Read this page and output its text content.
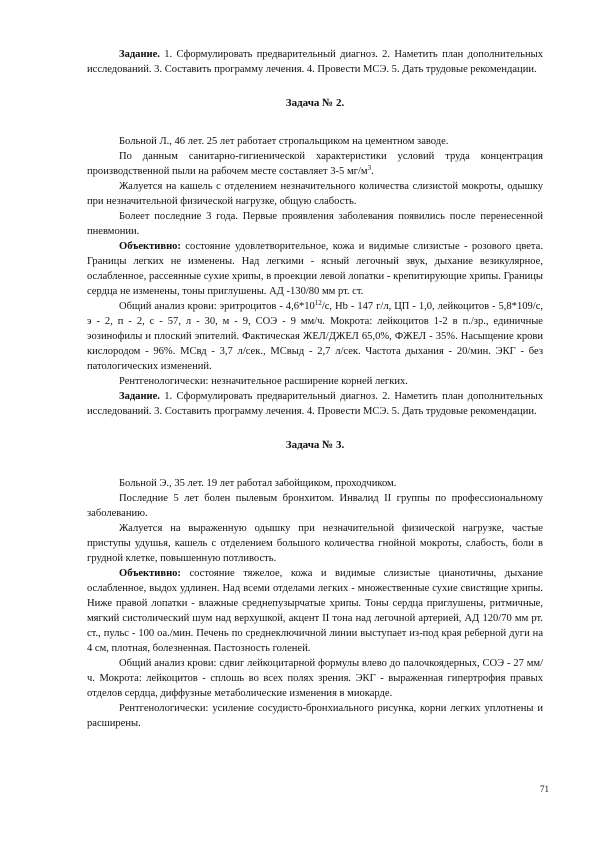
Задание. 1. Сформулировать предварительный диагноз. 2. Наметить план дополнительных исследований. 3. Составить программу лечения. 4. Провести МСЭ. 5. Дать трудовые рекомендации.

Задача № 2.

Больной Л., 46 лет. 25 лет работает стропальщиком на цементном заводе.

По данным санитарно-гигиенической характеристики условий труда концентрация производственной пыли на рабочем месте составляет 3-5 $мг/м^3$.

Жалуется на кашель с отделением незначительного количества слизистой мокроты, одышку при незначительной физической нагрузке, общую слабость.

Болеет последние 3 года. Первые проявления заболевания появились после перенесенной пневмонии.

Объективно: состояние удовлетворительное, кожа и видимые слизистые - розового цвета. Границы легких не изменены. Над легкими - ясный легочный звук, дыхание везикулярное, ослабленное, рассеянные сухие хрипы, в проекции левой лопатки - крепитирующие хрипы. Границы сердца не изменены, тоны приглушены. АД -130/80 мм рт. ст.

Общий анализ крови: эритроцитов - $4,6*10^{12}/с$, Hb - 147 г/л, ЦП - 1,0, лейкоцитов - 5,8*109/с, э - 2, п - 2, с - 57, л - 30, м - 9, СОЭ - 9 мм/ч. Мокрота: лейкоцитов 1-2 в п./зр., единичные эозинофилы и плоский эпителий. Фактическая ЖЕЛ/ДЖЕЛ 65,0%, ФЖЕЛ - 35%. Насыщение крови кислородом - 96%. МСвд - 3,7 л/сек., МСвыд - 2,7 л/сек. Частота дыхания - 20/мин. ЭКГ - без патологических изменений.

Рентгенологически: незначительное расширение корней легких.

Задание. 1. Сформулировать предварительный диагноз. 2. Наметить план дополнительных исследований. 3. Составить программу лечения. 4. Провести МСЭ. 5. Дать трудовые рекомендации.

Задача № 3.

Больной Э., 35 лет. 19 лет работал забойщиком, проходчиком.

Последние 5 лет болен пылевым бронхитом. Инвалид II группы по профессиональному заболеванию.

Жалуется на выраженную одышку при незначительной физической нагрузке, частые приступы удушья, кашель с отделением большого количества гнойной мокроты, слабость, боли в грудной клетке, повышенную потливость.

Объективно: состояние тяжелое, кожа и видимые слизистые цианотичны, дыхание ослабленное, выдох удлинен. Над всеми отделами легких - множественные сухие свистящие хрипы. Ниже правой лопатки - влажные среднепузырчатые хрипы. Тоны сердца приглушены, ритмичные, мягкий систолический шум над верхушкой, акцент II тона над легочной артерией, АД 120/70 мм рт. ст., пульс - 100 оа./мин. Печень по среднеключичной линии выступает из-под края реберной дуги на 4 см, плотная, болезненная. Пастозность голеней.

Общий анализ крови: сдвиг лейкоцитарной формулы влево до палочкоядерных, СОЭ - 27 мм/ч. Мокрота: лейкоцитов - сплошь во всех полях зрения. ЭКГ - выраженная гипертрофия правых отделов сердца, диффузные метаболические изменения в миокарде.

Рентгенологически: усиление сосудисто-бронхиального рисунка, корни легких уплотнены и расширены.

71
